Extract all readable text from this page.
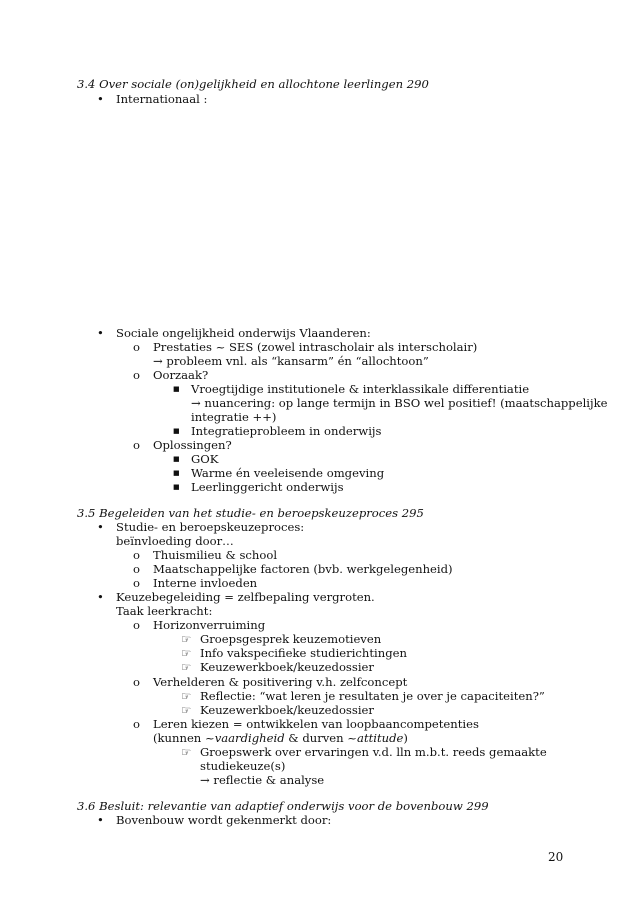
3.4 Over sociale (on)gelijkheid en allochtone leerlingen 290
• Internationaal :
• Sociale ongelijkheid onderwijs Vlaanderen:
o Prestaties ~ SES (zowel intrascholair als interscholair)
→ probleem vnl. als “kansarm” én “allochtoon”
o Oorzaak?
■ Vroegtijdige institutionele & interklassikale differentiatie
→ nuancering: op lange termijn in BSO wel positief! (maatschappelijke
integratie ++)
■ Integratieprobleem in onderwijs
o Oplossingen?
■ GOK
■ Warme én veeleisende omgeving
■ Leerlinggericht onderwijs
3.5 Begeleiden van het studie- en beroepskeuzeproces 295
• Studie- en beroepskeuzeproces:
beïnvloeding door…
o Thuismilieu & school
o Maatschappelijke factoren (bvb. werkgelegenheid)
o Interne invloeden
• Keuzebegeleiding = zelfbepaling vergroten.
Taak leerkracht:
o Horizonverruiming
☞ Groepsgesprek keuzemotieven
☞ Info vakspecifieke studierichtingen
☞ Keuzewerkboek/keuzedossier
o Verhelderen & positivering v.h. zelfconcept
☞ Reflectie: “wat leren je resultaten je over je capaciteiten?”
☞ Keuzewerkboek/keuzedossier
o Leren kiezen = ontwikkelen van loopbaancompetenties
(kunnen ~vaardigheid & durven ~attitude)
☞ Groepswerk over ervaringen v.d. lln m.b.t. reeds gemaakte
studiekeuze(s)
→ reflectie & analyse
3.6 Besluit: relevantie van adaptief onderwijs voor de bovenbouw 299
• Bovenbouw wordt gekenmerkt door:
20
